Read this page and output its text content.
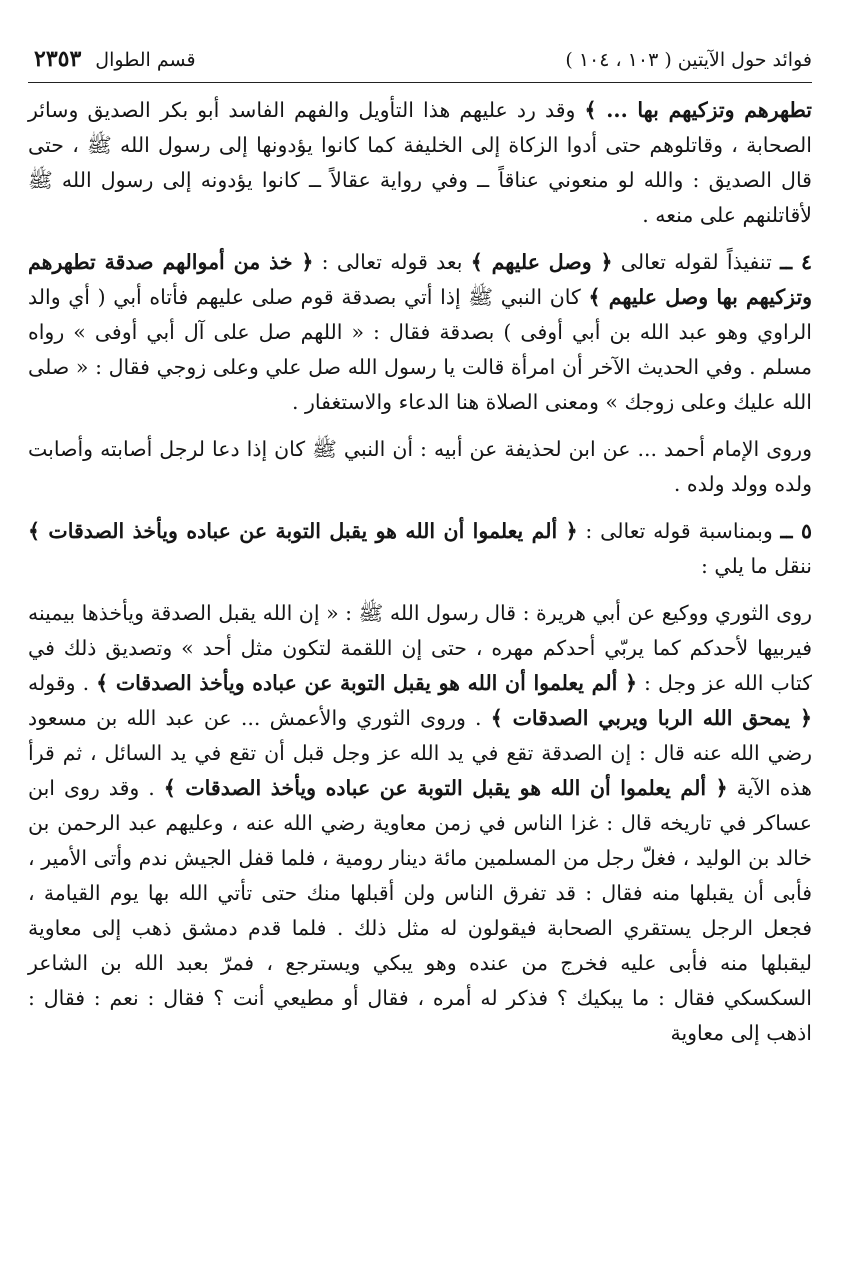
فوائد حول الآيتين ( ١٠٣ ، ١٠٤ )
قسم الطوال
٢٣٥٣

تطهرهم وتزكيهم بها ... ﴾ وقد رد عليهم هذا التأويل والفهم الفاسد أبو بكر الصديق وسائر الصحابة ، وقاتلوهم حتى أدوا الزكاة إلى الخليفة كما كانوا يؤدونها إلى رسول الله ﷺ ، حتى قال الصديق : والله لو منعوني عناقاً ــ وفي رواية عقالاً ــ كانوا يؤدونه إلى رسول الله ﷺ لأقاتلنهم على منعه .

٤ ــ تنفيذاً لقوله تعالى ﴿ وصل عليهم ﴾ بعد قوله تعالى : ﴿ خذ من أموالهم صدقة تطهرهم وتزكيهم بها وصل عليهم ﴾ كان النبي ﷺ إذا أتي بصدقة قوم صلى عليهم فأتاه أبي ( أي والد الراوي وهو عبد الله بن أبي أوفى ) بصدقة فقال : « اللهم صل على آل أبي أوفى » رواه مسلم . وفي الحديث الآخر أن امرأة قالت يا رسول الله صل علي وعلى زوجي فقال : « صلى الله عليك وعلى زوجك » ومعنى الصلاة هنا الدعاء والاستغفار .

وروى الإمام أحمد ... عن ابن لحذيفة عن أبيه : أن النبي ﷺ كان إذا دعا لرجل أصابته وأصابت ولده وولد ولده .

٥ ــ وبمناسبة قوله تعالى : ﴿ ألم يعلموا أن الله هو يقبل التوبة عن عباده ويأخذ الصدقات ﴾ ننقل ما يلي :

روى الثوري ووكيع عن أبي هريرة : قال رسول الله ﷺ : « إن الله يقبل الصدقة ويأخذها بيمينه فيربيها لأحدكم كما يربّي أحدكم مهره ، حتى إن اللقمة لتكون مثل أحد » وتصديق ذلك في كتاب الله عز وجل : ﴿ ألم يعلموا أن الله هو يقبل التوبة عن عباده ويأخذ الصدقات ﴾ . وقوله ﴿ يمحق الله الربا ويربي الصدقات ﴾ . وروى الثوري والأعمش ... عن عبد الله بن مسعود رضي الله عنه قال : إن الصدقة تقع في يد الله عز وجل قبل أن تقع في يد السائل ، ثم قرأ هذه الآية ﴿ ألم يعلموا أن الله هو يقبل التوبة عن عباده ويأخذ الصدقات ﴾ . وقد روى ابن عساكر في تاريخه قال : غزا الناس في زمن معاوية رضي الله عنه ، وعليهم عبد الرحمن بن خالد بن الوليد ، فغلّ رجل من المسلمين مائة دينار رومية ، فلما قفل الجيش ندم وأتى الأمير ، فأبى أن يقبلها منه فقال : قد تفرق الناس ولن أقبلها منك حتى تأتي الله بها يوم القيامة ، فجعل الرجل يستقري الصحابة فيقولون له مثل ذلك . فلما قدم دمشق ذهب إلى معاوية ليقبلها منه فأبى عليه فخرج من عنده وهو يبكي ويسترجع ، فمرّ بعبد الله بن الشاعر السكسكي فقال : ما يبكيك ؟ فذكر له أمره ، فقال أو مطيعي أنت ؟ فقال : نعم : فقال : اذهب إلى معاوية
